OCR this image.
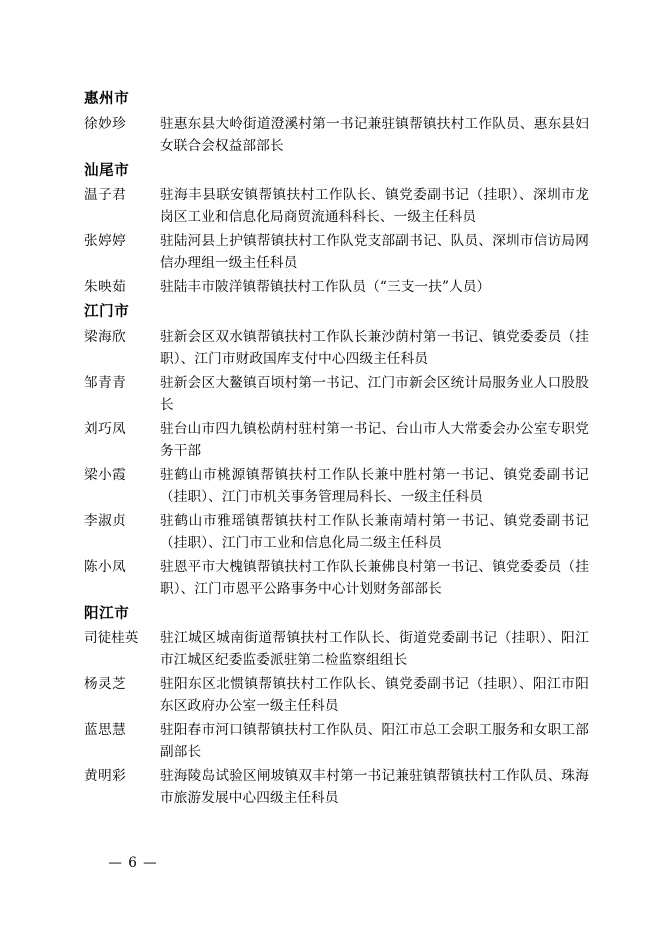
惠州市
徐妙珍	驻惠东县大岭街道澄溪村第一书记兼驻镇帮镇扶村工作队员、惠东县妇女联合会权益部部长
汕尾市
温子君	驻海丰县联安镇帮镇扶村工作队长、镇党委副书记（挂职）、深圳市龙岗区工业和信息化局商贸流通科科长、一级主任科员
张婷婷	驻陆河县上护镇帮镇扶村工作队党支部副书记、队员、深圳市信访局网信办理组一级主任科员
朱映茹	驻陆丰市陂洋镇帮镇扶村工作队员（“三支一扶”人员）
江门市
梁海欣	驻新会区双水镇帮镇扶村工作队长兼沙荫村第一书记、镇党委委员（挂职）、江门市财政国库支付中心四级主任科员
邹青青	驻新会区大鳌镇百顷村第一书记、江门市新会区统计局服务业人口股股长
刘巧凤	驻台山市四九镇松荫村驻村第一书记、台山市人大常委会办公室专职党务干部
梁小霞	驻鹤山市桃源镇帮镇扶村工作队长兼中胜村第一书记、镇党委副书记（挂职）、江门市机关事务管理局科长、一级主任科员
李淑贞	驻鹤山市雅瑶镇帮镇扶村工作队长兼南靖村第一书记、镇党委副书记（挂职）、江门市工业和信息化局二级主任科员
陈小凤	驻恩平市大槐镇帮镇扶村工作队长兼佛良村第一书记、镇党委委员（挂职）、江门市恩平公路事务中心计划财务部部长
阳江市
司徒桂英	驻江城区城南街道帮镇扶村工作队长、街道党委副书记（挂职）、阳江市江城区纪委监委派驻第二检监察组组长
杨灵芝	驻阳东区北惯镇帮镇扶村工作队长、镇党委副书记（挂职）、阳江市阳东区政府办公室一级主任科员
蓝思慧	驻阳春市河口镇帮镇扶村工作队员、阳江市总工会职工服务和女职工部副部长
黄明彩	驻海陵岛试验区闸坡镇双丰村第一书记兼驻镇帮镇扶村工作队员、珠海市旅游发展中心四级主任科员
— 6 —
